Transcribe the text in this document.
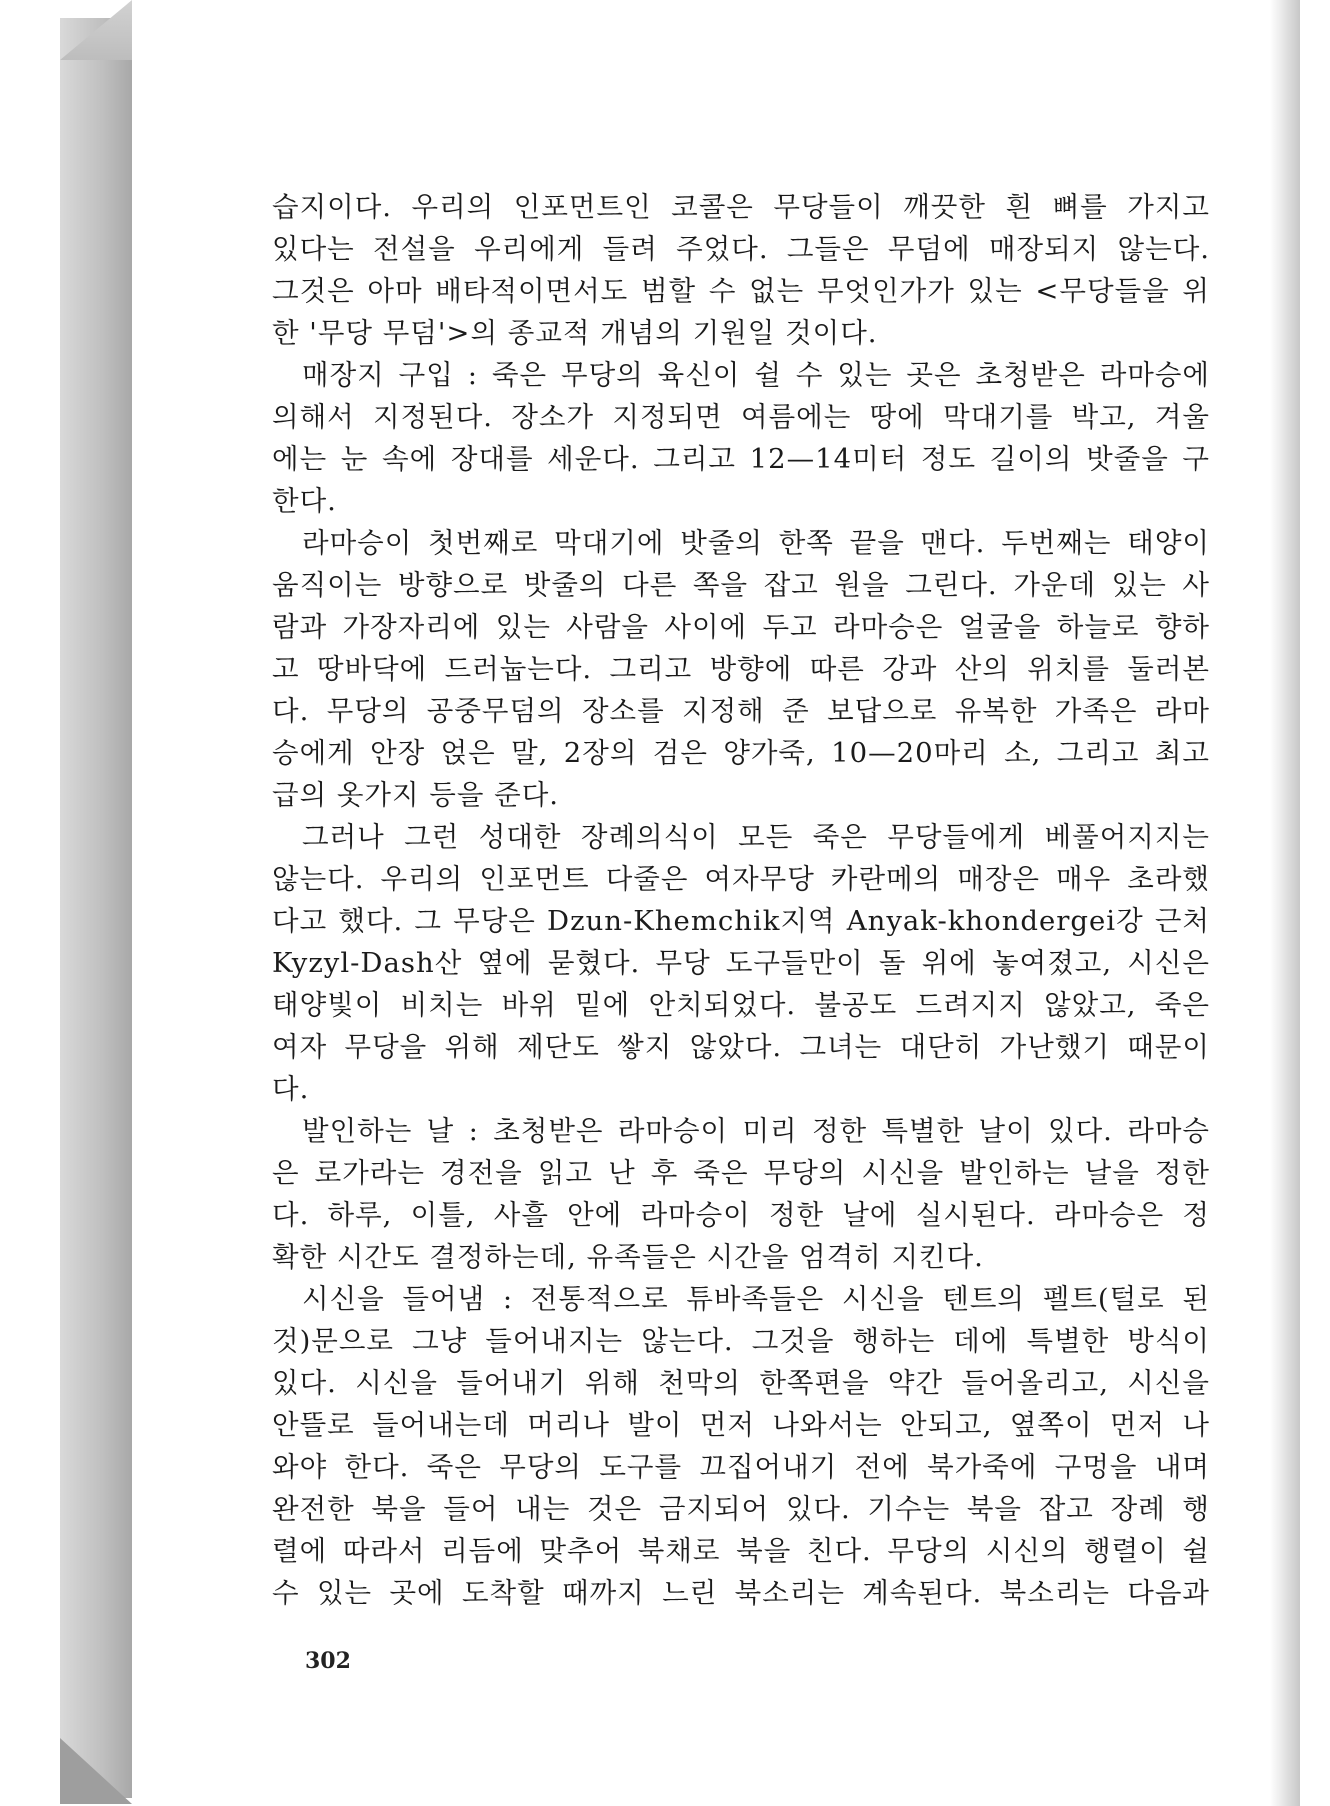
습지이다. 우리의 인포먼트인 코콜은 무당들이 깨끗한 흰 뼈를 가지고
있다는 전설을 우리에게 들려 주었다. 그들은 무덤에 매장되지 않는다.
그것은 아마 배타적이면서도 범할 수 없는 무엇인가가 있는 <무당들을 위
한 '무당 무덤'>의 종교적 개념의 기원일 것이다.
매장지 구입 : 죽은 무당의 육신이 쉴 수 있는 곳은 초청받은 라마승에
의해서 지정된다. 장소가 지정되면 여름에는 땅에 막대기를 박고, 겨울
에는 눈 속에 장대를 세운다. 그리고 12—14미터 정도 길이의 밧줄을 구
한다.
라마승이 첫번째로 막대기에 밧줄의 한쪽 끝을 맨다. 두번째는 태양이
움직이는 방향으로 밧줄의 다른 쪽을 잡고 원을 그린다. 가운데 있는 사
람과 가장자리에 있는 사람을 사이에 두고 라마승은 얼굴을 하늘로 향하
고 땅바닥에 드러눕는다. 그리고 방향에 따른 강과 산의 위치를 둘러본
다. 무당의 공중무덤의 장소를 지정해 준 보답으로 유복한 가족은 라마
승에게 안장 얹은 말, 2장의 검은 양가죽, 10—20마리 소, 그리고 최고
급의 옷가지 등을 준다.
그러나 그런 성대한 장례의식이 모든 죽은 무당들에게 베풀어지지는
않는다. 우리의 인포먼트 다줄은 여자무당 카란메의 매장은 매우 초라했
다고 했다. 그 무당은 Dzun-Khemchik지역 Anyak-khondergei강 근처
Kyzyl-Dash산 옆에 묻혔다. 무당 도구들만이 돌 위에 놓여졌고, 시신은
태양빛이 비치는 바위 밑에 안치되었다. 불공도 드려지지 않았고, 죽은
여자 무당을 위해 제단도 쌓지 않았다. 그녀는 대단히 가난했기 때문이
다.
발인하는 날 : 초청받은 라마승이 미리 정한 특별한 날이 있다. 라마승
은 로가라는 경전을 읽고 난 후 죽은 무당의 시신을 발인하는 날을 정한
다. 하루, 이틀, 사흘 안에 라마승이 정한 날에 실시된다. 라마승은 정
확한 시간도 결정하는데, 유족들은 시간을 엄격히 지킨다.
시신을 들어냄 : 전통적으로 튜바족들은 시신을 텐트의 펠트(털로 된
것)문으로 그냥 들어내지는 않는다. 그것을 행하는 데에 특별한 방식이
있다. 시신을 들어내기 위해 천막의 한쪽편을 약간 들어올리고, 시신을
안뜰로 들어내는데 머리나 발이 먼저 나와서는 안되고, 옆쪽이 먼저 나
와야 한다. 죽은 무당의 도구를 끄집어내기 전에 북가죽에 구멍을 내며
완전한 북을 들어 내는 것은 금지되어 있다. 기수는 북을 잡고 장례 행
렬에 따라서 리듬에 맞추어 북채로 북을 친다. 무당의 시신의 행렬이 쉴
수 있는 곳에 도착할 때까지 느린 북소리는 계속된다. 북소리는 다음과
302
